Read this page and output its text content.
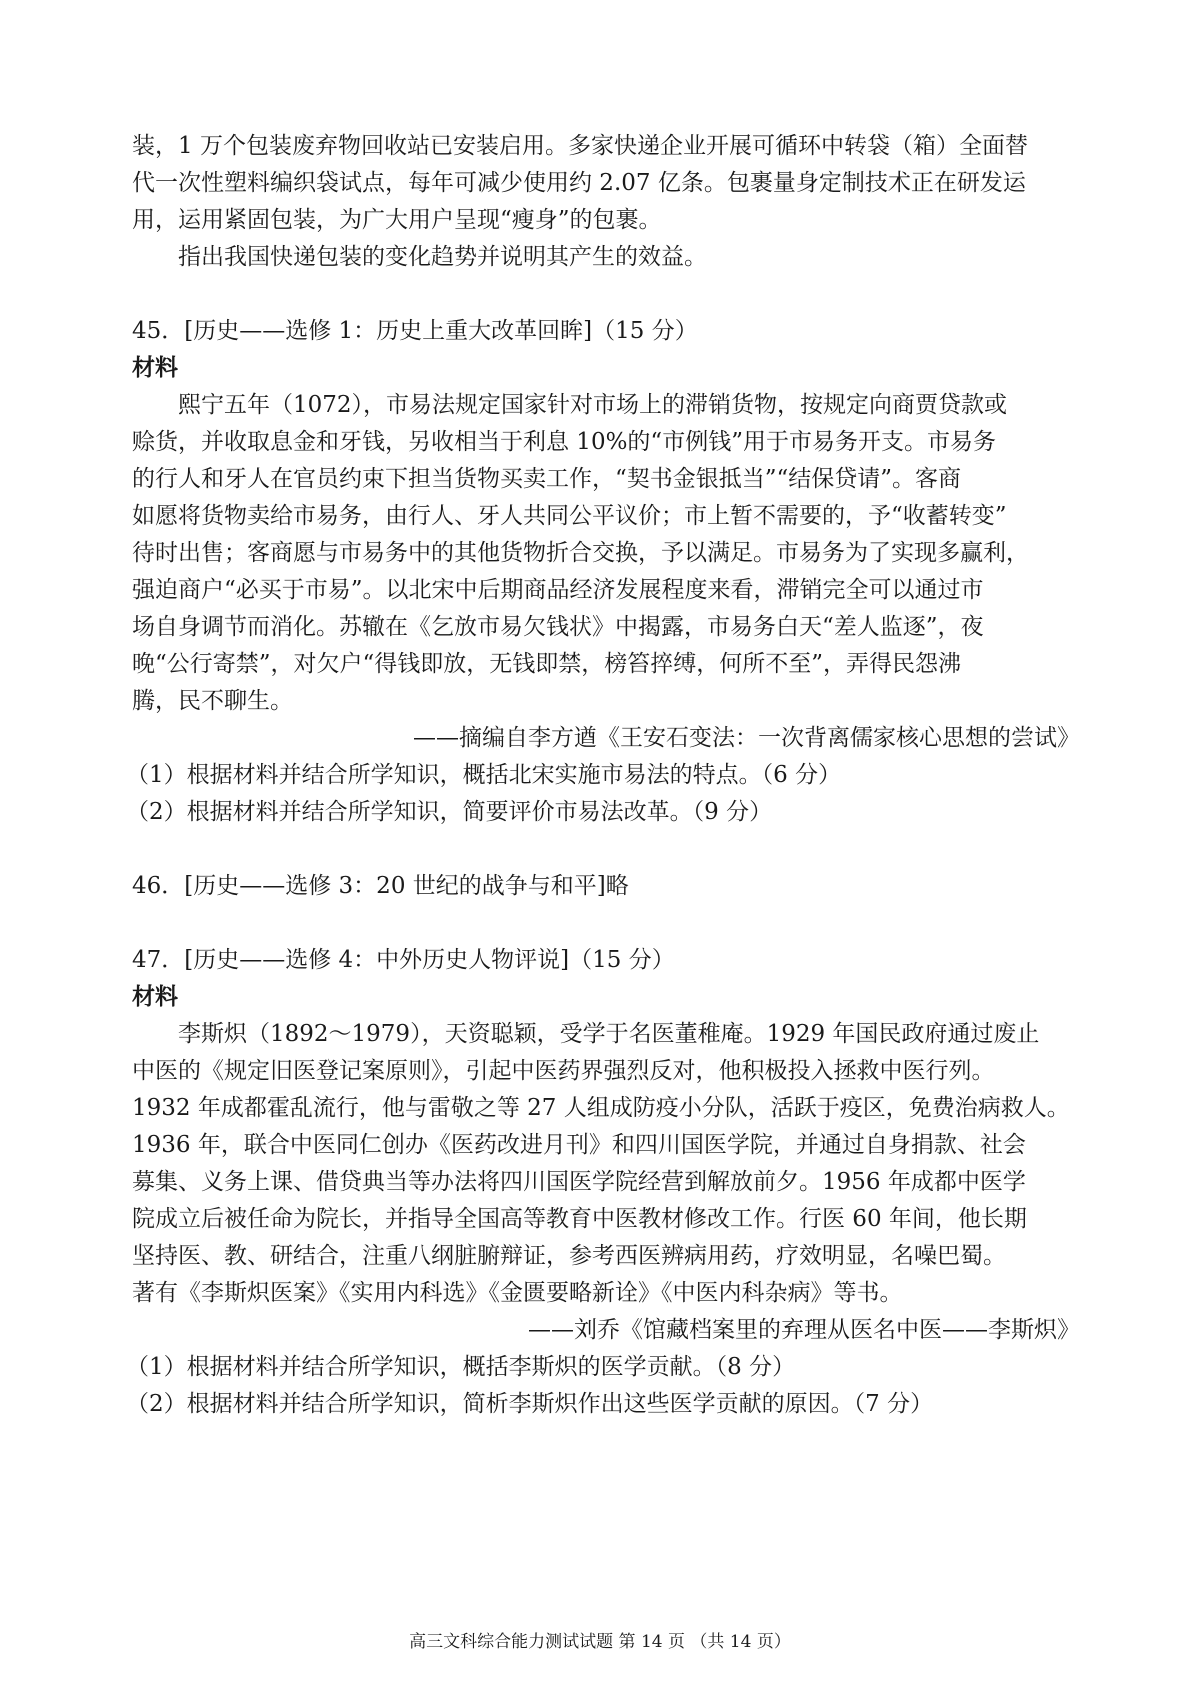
装，1 万个包装废弃物回收站已安装启用。多家快递企业开展可循环中转袋（箱）全面替
代一次性塑料编织袋试点，每年可减少使用约 2.07 亿条。包裹量身定制技术正在研发运
用，运用紧固包装，为广大用户呈现“瘦身”的包裹。
指出我国快递包装的变化趋势并说明其产生的效益。
45．[历史——选修 1：历史上重大改革回眸]（15 分）
材料
熙宁五年（1072），市易法规定国家针对市场上的滞销货物，按规定向商贾贷款或
赊货，并收取息金和牙钱，另收相当于利息 10%的“市例钱”用于市易务开支。市易务
的行人和牙人在官员约束下担当货物买卖工作，“契书金银抵当”“结保贷请”。客商
如愿将货物卖给市易务，由行人、牙人共同公平议价；市上暂不需要的，予“收蓄转变”
待时出售；客商愿与市易务中的其他货物折合交换，予以满足。市易务为了实现多赢利，
强迫商户“必买于市易”。以北宋中后期商品经济发展程度来看，滞销完全可以通过市
场自身调节而消化。苏辙在《乞放市易欠钱状》中揭露，市易务白天“差人监逐”，夜
晚“公行寄禁”，对欠户“得钱即放，无钱即禁，榜笞捽缚，何所不至”，弄得民怨沸
腾，民不聊生。
——摘编自李方遒《王安石变法：一次背离儒家核心思想的尝试》
（1）根据材料并结合所学知识，概括北宋实施市易法的特点。（6 分）
（2）根据材料并结合所学知识，简要评价市易法改革。（9 分）
46．[历史——选修 3：20 世纪的战争与和平]略
47．[历史——选修 4：中外历史人物评说]（15 分）
材料
李斯炽（1892～1979），天资聪颖，受学于名医董稚庵。1929 年国民政府通过废止
中医的《规定旧医登记案原则》，引起中医药界强烈反对，他积极投入拯救中医行列。
1932 年成都霍乱流行，他与雷敬之等 27 人组成防疫小分队，活跃于疫区，免费治病救人。
1936 年，联合中医同仁创办《医药改进月刊》和四川国医学院，并通过自身捐款、社会
募集、义务上课、借贷典当等办法将四川国医学院经营到解放前夕。1956 年成都中医学
院成立后被任命为院长，并指导全国高等教育中医教材修改工作。行医 60 年间，他长期
坚持医、教、研结合，注重八纲脏腑辩证，参考西医辨病用药，疗效明显，名噪巴蜀。
著有《李斯炽医案》《实用内科选》《金匮要略新诠》《中医内科杂病》等书。
——刘乔《馆藏档案里的弃理从医名中医——李斯炽》
（1）根据材料并结合所学知识，概括李斯炽的医学贡献。（8 分）
（2）根据材料并结合所学知识，简析李斯炽作出这些医学贡献的原因。（7 分）
高三文科综合能力测试试题 第 14 页 （共 14 页）
